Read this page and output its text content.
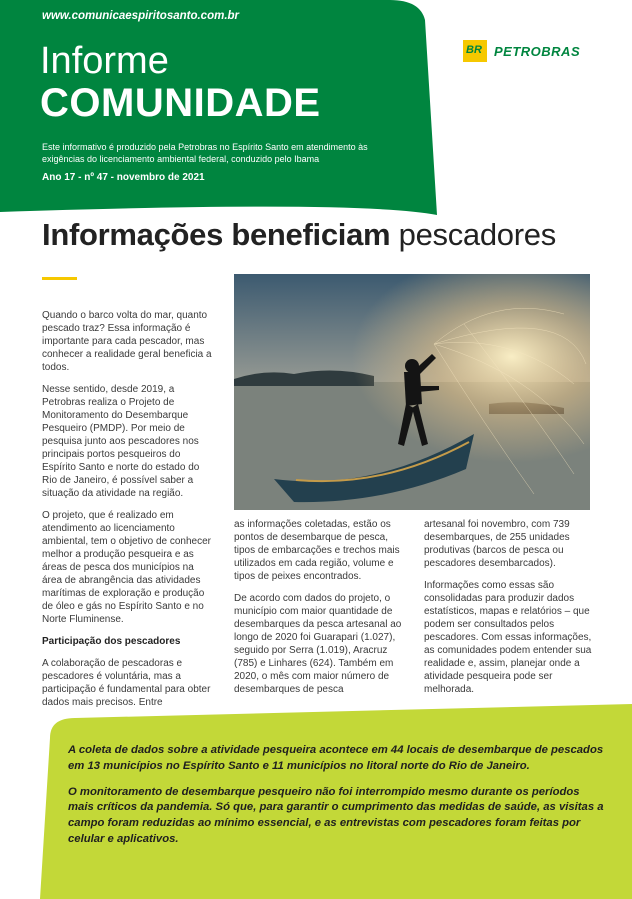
www.comunicaespiritosanto.com.br
Informe
COMUNIDADE
Este informativo é produzido pela Petrobras no Espírito Santo em atendimento às exigências do licenciamento ambiental federal, conduzido pelo Ibama
Ano 17 - nº 47 - novembro de 2021
BR PETROBRAS
Informações beneficiam pescadores

Quando o barco volta do mar, quanto pescado traz? Essa informação é importante para cada pescador, mas conhecer a realidade geral beneficia a todos.

Nesse sentido, desde 2019, a Petrobras realiza o Projeto de Monitoramento do Desembarque Pesqueiro (PMDP). Por meio de pesquisa junto aos pescadores nos principais portos pesqueiros do Espírito Santo e norte do estado do Rio de Janeiro, é possível saber a situação da atividade na região.

O projeto, que é realizado em atendimento ao licenciamento ambiental, tem o objetivo de conhecer melhor a produção pesqueira e as áreas de pesca dos municípios na área de abrangência das atividades marítimas de exploração e produção de óleo e gás no Espírito Santo e no Norte Fluminense.

Participação dos pescadores

A colaboração de pescadoras e pescadores é voluntária, mas a participação é fundamental para obter dados mais precisos. Entre

as informações coletadas, estão os pontos de desembarque de pesca, tipos de embarcações e trechos mais utilizados em cada região, volume e tipos de peixes encontrados.

De acordo com dados do projeto, o município com maior quantidade de desembarques da pesca artesanal ao longo de 2020 foi Guarapari (1.027), seguido por Serra (1.019), Aracruz (785) e Linhares (624). Também em 2020, o mês com maior número de desembarques de pesca

artesanal foi novembro, com 739 desembarques, de 255 unidades produtivas (barcos de pesca ou pescadores desembarcados).

Informações como essas são consolidadas para produzir dados estatísticos, mapas e relatórios – que podem ser consultados pelos pescadores. Com essas informações, as comunidades podem entender sua realidade e, assim, planejar onde a atividade pesqueira pode ser melhorada.

A coleta de dados sobre a atividade pesqueira acontece em 44 locais de desembarque de pescados em 13 municípios no Espírito Santo e 11 municípios no litoral norte do Rio de Janeiro.

O monitoramento de desembarque pesqueiro não foi interrompido mesmo durante os períodos mais críticos da pandemia. Só que, para garantir o cumprimento das medidas de saúde, as visitas a campo foram reduzidas ao mínimo essencial, e as entrevistas com pescadores foram feitas por celular e aplicativos.
